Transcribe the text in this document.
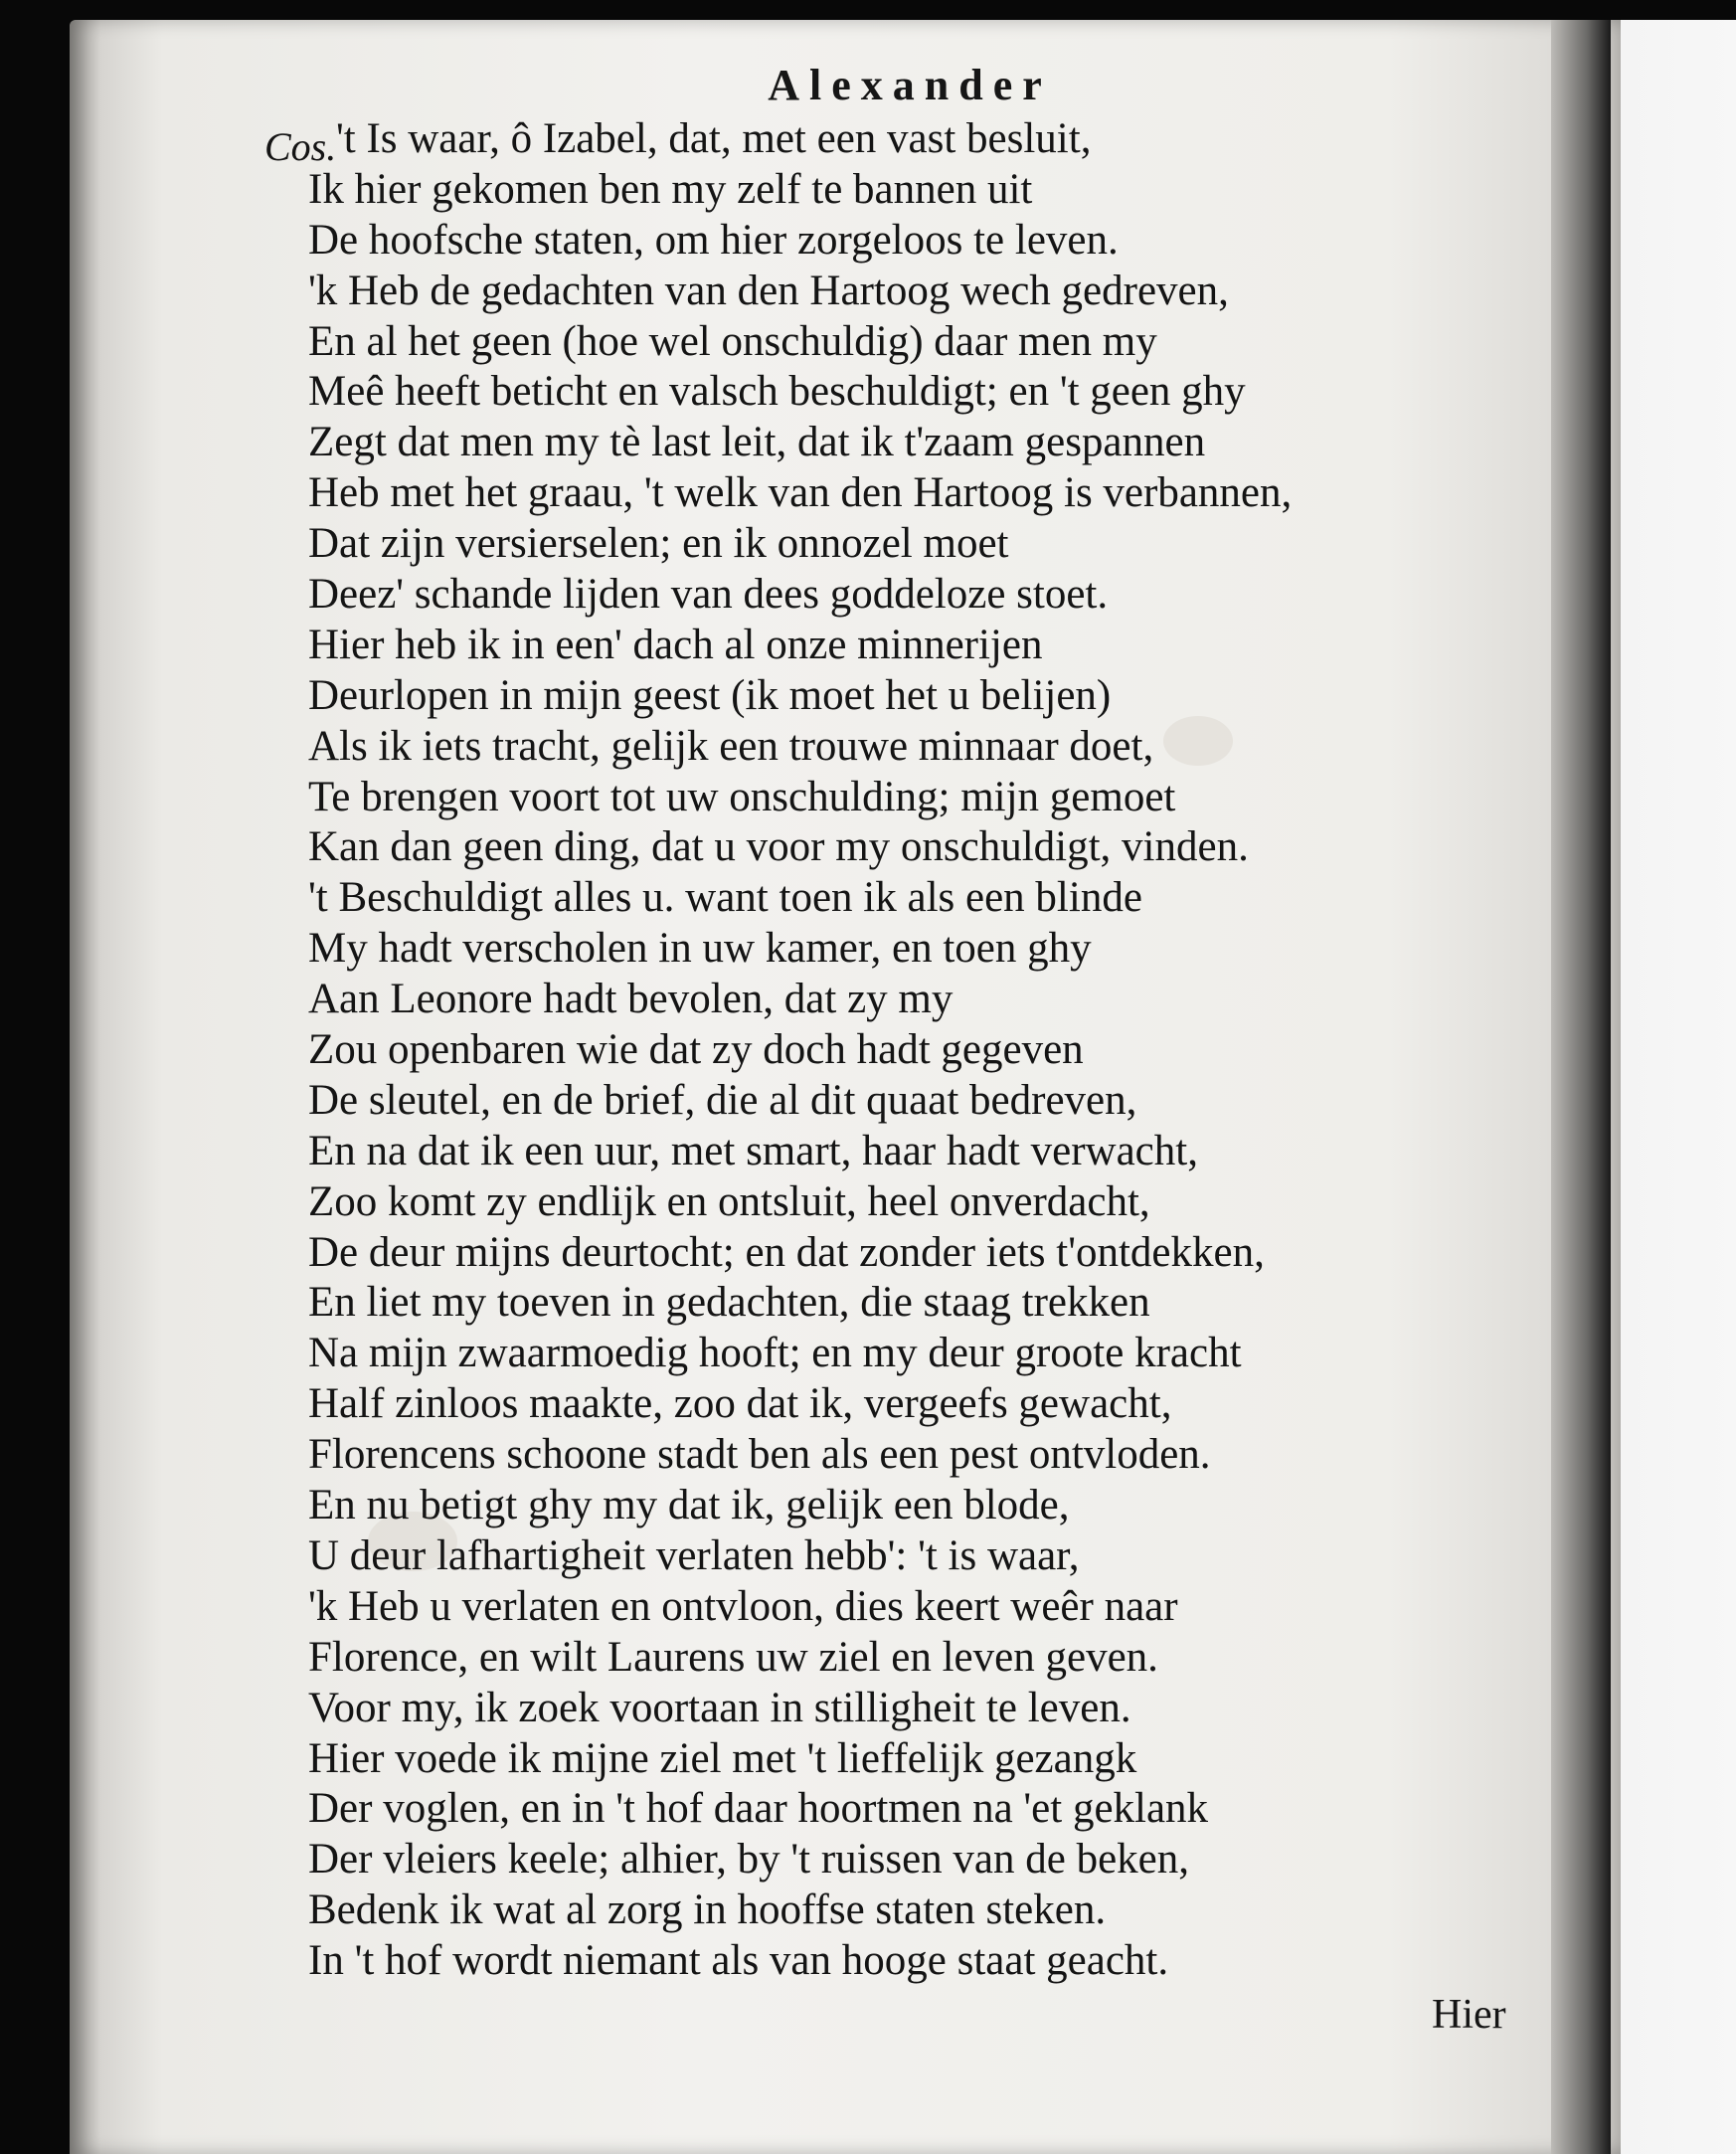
Alexander
Cos. 't Is waar, ô Izabel, dat, met een vast besluit,
Ik hier gekomen ben my zelf te bannen uit
De hoofsche staten, om hier zorgeloos te leven.
'k Heb de gedachten van den Hartoog wech gedreven,
En al het geen (hoe wel onschuldig) daar men my
Meê heeft beticht en valsch beschuldigt; en 't geen ghy
Zegt dat men my tè last leit, dat ik t'zaam gespannen
Heb met het graau, 't welk van den Hartoog is verbannen,
Dat zijn versierselen; en ik onnozel moet
Deez' schande lijden van dees goddeloze stoet.
Hier heb ik in een' dach al onze minnerijen
Deurlopen in mijn geest (ik moet het u belijen)
Als ik iets tracht, gelijk een trouwe minnaar doet,
Te brengen voort tot uw onschulding; mijn gemoet
Kan dan geen ding, dat u voor my onschuldigt, vinden.
't Beschuldigt alles u. want toen ik als een blinde
My hadt verscholen in uw kamer, en toen ghy
Aan Leonore hadt bevolen, dat zy my
Zou openbaren wie dat zy doch hadt gegeven
De sleutel, en de brief, die al dit quaat bedreven,
En na dat ik een uur, met smart, haar hadt verwacht,
Zoo komt zy endlijk en ontsluit, heel onverdacht,
De deur mijns deurtocht; en dat zonder iets t'ontdekken,
En liet my toeven in gedachten, die staag trekken
Na mijn zwaarmoedig hooft; en my deur groote kracht
Half zinloos maakte, zoo dat ik, vergeefs gewacht,
Florencens schoone stadt ben als een pest ontvloden.
En nu betigt ghy my dat ik, gelijk een blode,
U deur lafhartigheit verlaten hebb': 't is waar,
'k Heb u verlaten en ontvloon, dies keert weêr naar
Florence, en wilt Laurens uw ziel en leven geven.
Voor my, ik zoek voortaan in stilligheit te leven.
Hier voede ik mijne ziel met 't lieffelijk gezangk
Der voglen, en in 't hof daar hoortmen na 'et geklank
Der vleiers keele; alhier, by 't ruissen van de beken,
Bedenk ik wat al zorg in hooffse staten steken.
In 't hof wordt niemant als van hooge staat geacht.
Hier
